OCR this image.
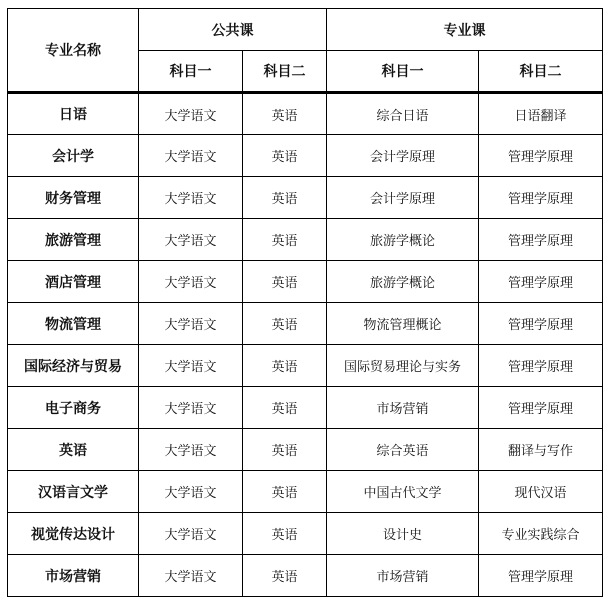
专业名称	公共课		专业课	
	科目一	科目二	科目一	科目二
日语	大学语文	英语	综合日语	日语翻译
会计学	大学语文	英语	会计学原理	管理学原理
财务管理	大学语文	英语	会计学原理	管理学原理
旅游管理	大学语文	英语	旅游学概论	管理学原理
酒店管理	大学语文	英语	旅游学概论	管理学原理
物流管理	大学语文	英语	物流管理概论	管理学原理
国际经济与贸易	大学语文	英语	国际贸易理论与实务	管理学原理
电子商务	大学语文	英语	市场营销	管理学原理
英语	大学语文	英语	综合英语	翻译与写作
汉语言文学	大学语文	英语	中国古代文学	现代汉语
视觉传达设计	大学语文	英语	设计史	专业实践综合
市场营销	大学语文	英语	市场营销	管理学原理
